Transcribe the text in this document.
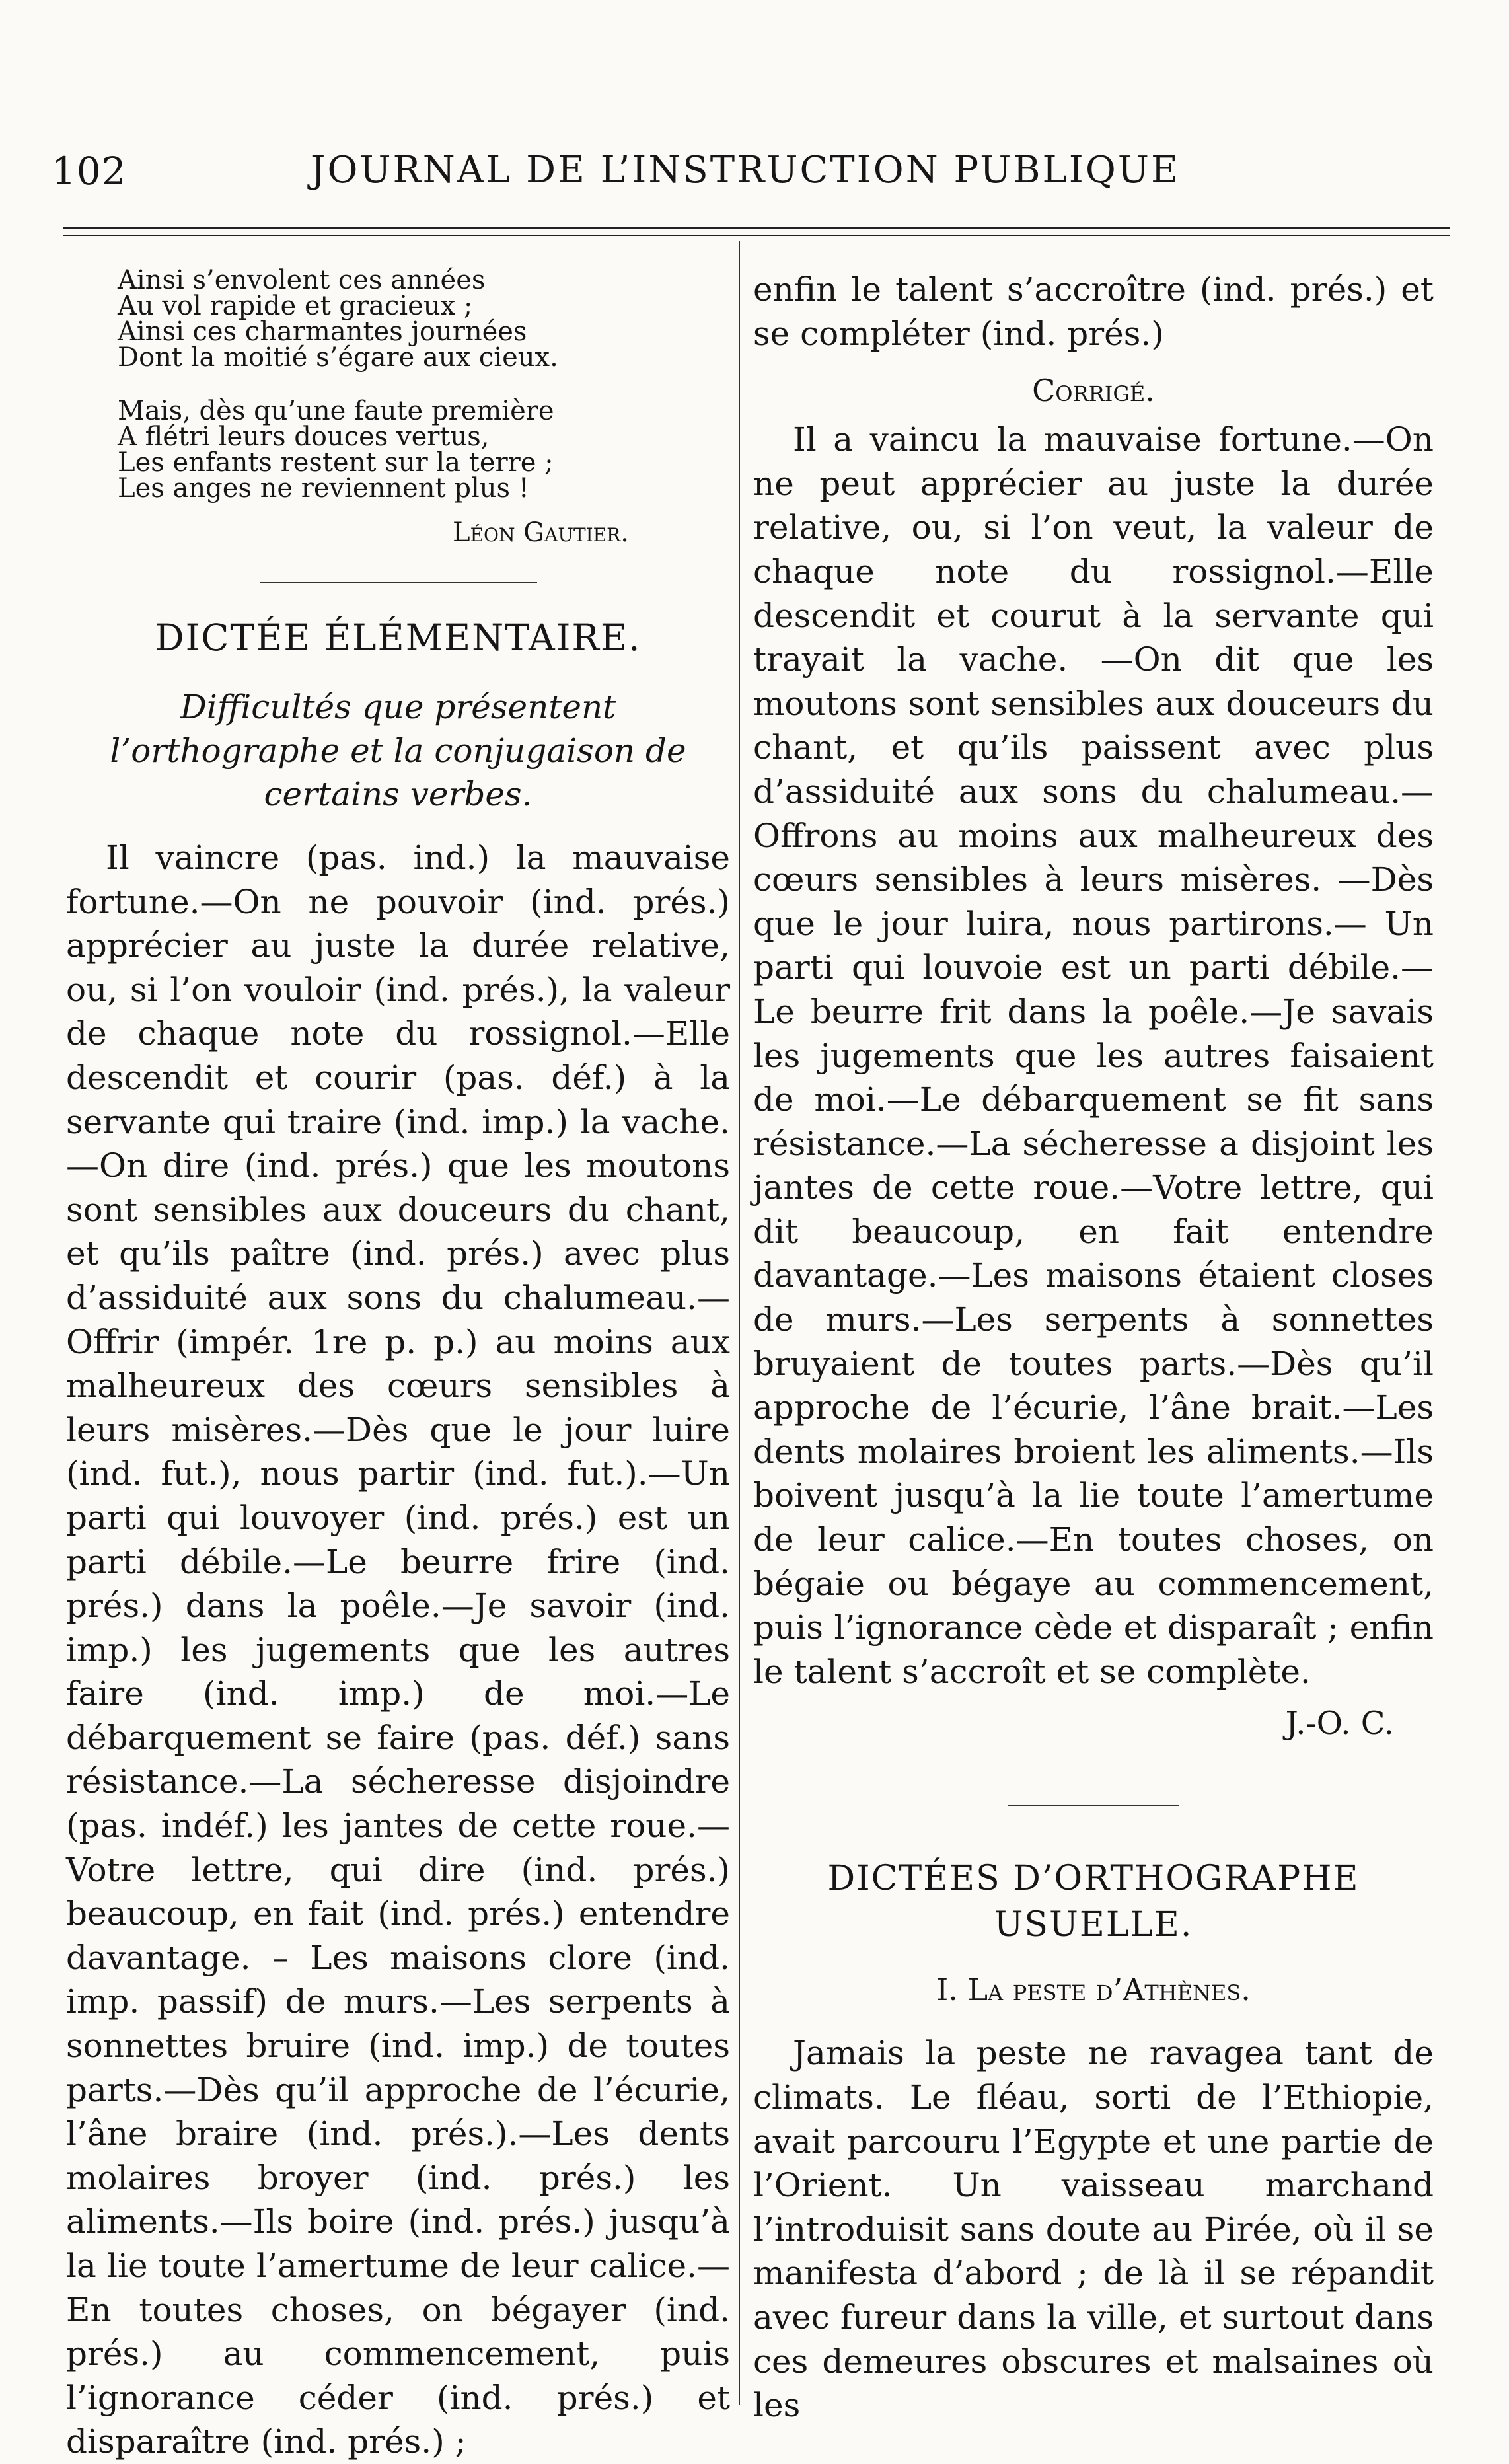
102	JOURNAL DE L’INSTRUCTION PUBLIQUE
Ainsi s’envolent ces années
Au vol rapide et gracieux ;
Ainsi ces charmantes journées
Dont la moitié s’égare aux cieux.
Mais, dès qu’une faute première
A flétri leurs douces vertus,
Les enfants restent sur la terre ;
Les anges ne reviennent plus !
Léon Gautier.
DICTÉE ÉLÉMENTAIRE.
Difficultés que présentent l’orthographe et la conjugaison de certains verbes.
Il vaincre (pas. ind.) la mauvaise fortune.—On ne pouvoir (ind. prés.) apprécier au juste la durée relative, ou, si l’on vouloir (ind. prés.), la valeur de chaque note du rossignol.—Elle descendit et courir (pas. déf.) à la servante qui traire (ind. imp.) la vache.—On dire (ind. prés.) que les moutons sont sensibles aux douceurs du chant, et qu’ils paître (ind. prés.) avec plus d’assiduité aux sons du chalumeau.— Offrir (impér. 1re p. p.) au moins aux malheureux des cœurs sensibles à leurs misères.—Dès que le jour luire (ind. fut.), nous partir (ind. fut.).—Un parti qui louvoyer (ind. prés.) est un parti débile.—Le beurre frire (ind. prés.) dans la poêle.—Je savoir (ind. imp.) les jugements que les autres faire (ind. imp.) de moi.—Le débarquement se faire (pas. déf.) sans résistance.—La sécheresse disjoindre (pas. indéf.) les jantes de cette roue.—Votre lettre, qui dire (ind. prés.) beaucoup, en fait (ind. prés.) entendre davantage. – Les maisons clore (ind. imp. passif) de murs.—Les serpents à sonnettes bruire (ind. imp.) de toutes parts.—Dès qu’il approche de l’écurie, l’âne braire (ind. prés.).—Les dents molaires broyer (ind. prés.) les aliments.—Ils boire (ind. prés.) jusqu’à la lie toute l’amertume de leur calice.—En toutes choses, on bégayer (ind. prés.) au commencement, puis l’ignorance céder (ind. prés.) et disparaître (ind. prés.) ;
enfin le talent s’accroître (ind. prés.) et se compléter (ind. prés.)
Corrigé.
Il a vaincu la mauvaise fortune.—On ne peut apprécier au juste la durée relative, ou, si l’on veut, la valeur de chaque note du rossignol.—Elle descendit et courut à la servante qui trayait la vache. —On dit que les moutons sont sensibles aux douceurs du chant, et qu’ils paissent avec plus d’assiduité aux sons du chalumeau.—Offrons au moins aux malheureux des cœurs sensibles à leurs misères. —Dès que le jour luira, nous partirons.— Un parti qui louvoie est un parti débile.— Le beurre frit dans la poêle.—Je savais les jugements que les autres faisaient de moi.—Le débarquement se fit sans résistance.—La sécheresse a disjoint les jantes de cette roue.—Votre lettre, qui dit beaucoup, en fait entendre davantage.—Les maisons étaient closes de murs.—Les serpents à sonnettes bruyaient de toutes parts.—Dès qu’il approche de l’écurie, l’âne brait.—Les dents molaires broient les aliments.—Ils boivent jusqu’à la lie toute l’amertume de leur calice.—En toutes choses, on bégaie ou bégaye au commencement, puis l’ignorance cède et disparaît ; enfin le talent s’accroît et se complète.
J.-O. C.
DICTÉES D’ORTHOGRAPHE USUELLE.
I. La peste d’Athènes.
Jamais la peste ne ravagea tant de climats. Le fléau, sorti de l’Ethiopie, avait parcouru l’Egypte et une partie de l’Orient. Un vaisseau marchand l’introduisit sans doute au Pirée, où il se manifesta d’abord ; de là il se répandit avec fureur dans la ville, et surtout dans ces demeures obscures et malsaines où les
